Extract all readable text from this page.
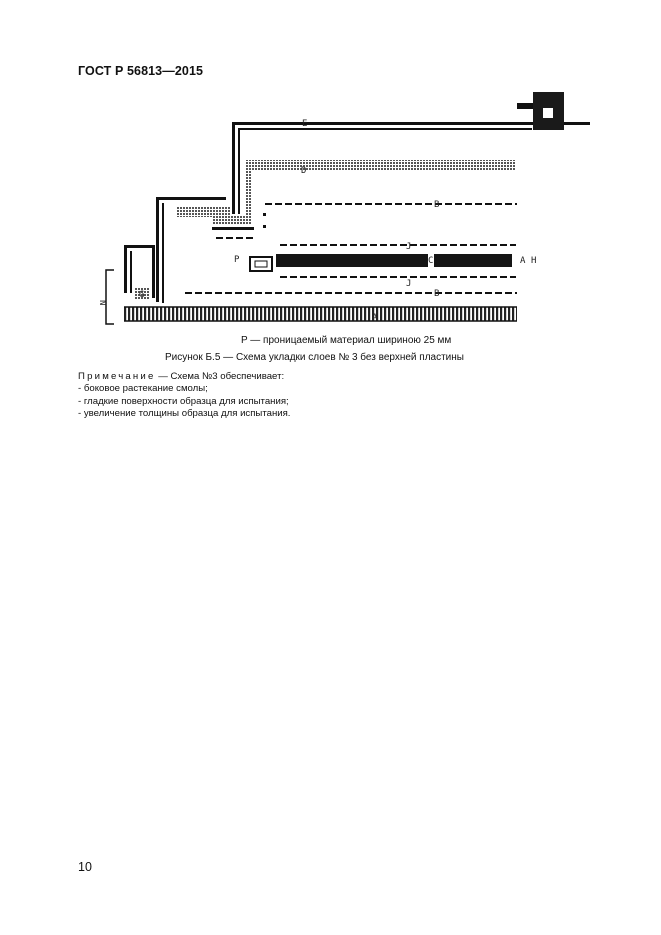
ГОСТ Р 56813—2015
E
F
D
B
J
P	C	A H
J
B
G
N
A
P — проницаемый материал шириною 25 мм
Рисунок Б.5 — Схема укладки слоев № 3 без верхней пластины
Примечание — Схема №3 обеспечивает:

- боковое растекание смолы;

- гладкие поверхности образца для испытания;

- увеличение толщины образца для испытания.

10
